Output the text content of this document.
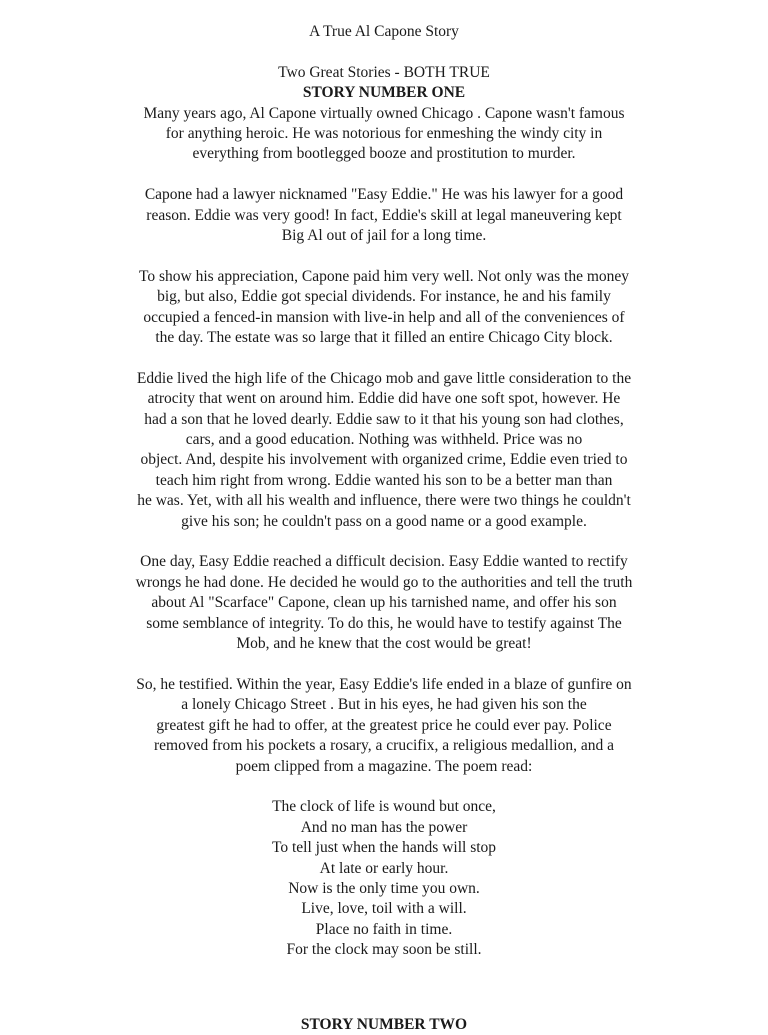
A True Al Capone Story
Two Great Stories - BOTH TRUE
STORY NUMBER ONE
Many years ago, Al Capone virtually owned Chicago . Capone wasn't famous
for anything heroic. He was notorious for enmeshing the windy city in
everything from bootlegged booze and prostitution to murder.
Capone had a lawyer nicknamed "Easy Eddie." He was his lawyer for a good
reason. Eddie was very good! In fact, Eddie's skill at legal maneuvering kept
Big Al out of jail for a long time.
To show his appreciation, Capone paid him very well. Not only was the money
big, but also, Eddie got special dividends. For instance, he and his family
occupied a fenced-in mansion with live-in help and all of the conveniences of
the day. The estate was so large that it filled an entire Chicago City block.
Eddie lived the high life of the Chicago mob and gave little consideration to the
atrocity that went on around him. Eddie did have one soft spot, however. He
had a son that he loved dearly. Eddie saw to it that his young son had clothes,
cars, and a good education. Nothing was withheld. Price was no
object. And, despite his involvement with organized crime, Eddie even tried to
teach him right from wrong. Eddie wanted his son to be a better man than
he was. Yet, with all his wealth and influence, there were two things he couldn't
give his son; he couldn't pass on a good name or a good example.
One day, Easy Eddie reached a difficult decision. Easy Eddie wanted to rectify
wrongs he had done. He decided he would go to the authorities and tell the truth
about Al "Scarface" Capone, clean up his tarnished name, and offer his son
some semblance of integrity. To do this, he would have to testify against The
Mob, and he knew that the cost would be great!
So, he testified. Within the year, Easy Eddie's life ended in a blaze of gunfire on
a lonely Chicago Street . But in his eyes, he had given his son the
greatest gift he had to offer, at the greatest price he could ever pay. Police
removed from his pockets a rosary, a crucifix, a religious medallion, and a
poem clipped from a magazine. The poem read:
The clock of life is wound but once,
And no man has the power
To tell just when the hands will stop
At late or early hour.
Now is the only time you own.
Live, love, toil with a will.
Place no faith in time.
For the clock may soon be still.
STORY NUMBER TWO
